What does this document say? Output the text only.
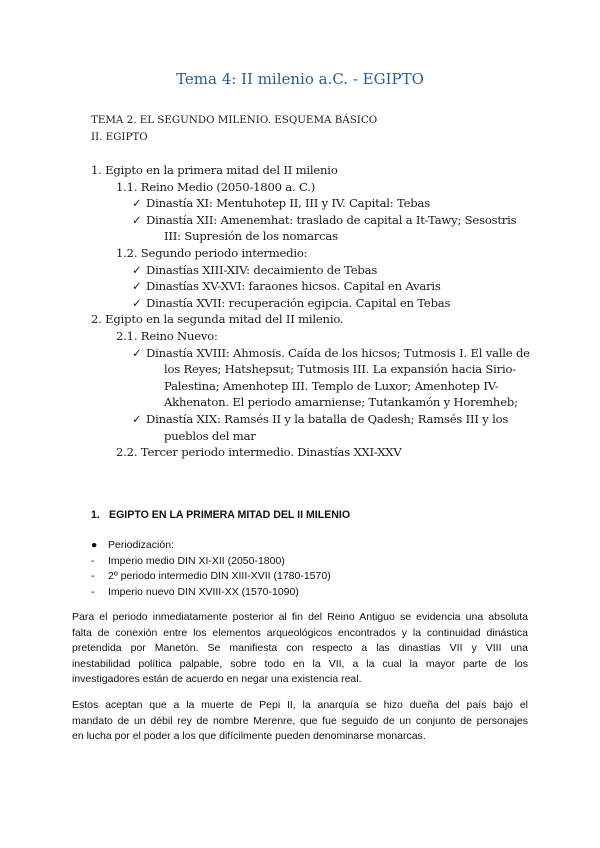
Tema 4: II milenio a.C. - EGIPTO
TEMA 2. EL SEGUNDO MILENIO. ESQUEMA BÁSICO
II. EGIPTO
1. Egipto en la primera mitad del II milenio
1.1. Reino Medio (2050-1800 a. C.)
✓ Dinastía XI: Mentuhotep II, III y IV. Capital: Tebas
✓ Dinastía XII: Amenemhat: traslado de capital a It-Tawy; Sesostris
III: Supresión de los nomarcas
1.2. Segundo periodo intermedio:
✓ Dinastías XIII-XIV: decaimiento de Tebas
✓ Dinastías XV-XVI: faraones hicsos. Capital en Avaris
✓ Dinastía XVII: recuperación egipcia. Capital en Tebas
2. Egipto en la segunda mitad del II milenio.
2.1. Reino Nuevo:
✓ Dinastía XVIII: Ahmosis. Caída de los hicsos; Tutmosis I. El valle de
los Reyes; Hatshepsut; Tutmosis III. La expansión hacia Sirio-
Palestina; Amenhotep III. Templo de Luxor; Amenhotep IV-
Akhenaton. El periodo amarniense; Tutankamón y Horemheb;
✓ Dinastía XIX: Ramsés II y la batalla de Qadesh; Ramsés III y los
pueblos del mar
2.2. Tercer periodo intermedio. Dinastías XXI-XXV
1. EGIPTO EN LA PRIMERA MITAD DEL II MILENIO
●	Periodización:
-	Imperio medio DIN XI-XII (2050-1800)
-	2º periodo intermedio DIN XIII-XVII (1780-1570)
-	Imperio nuevo DIN XVIII-XX (1570-1090)
Para el periodo inmediatamente posterior al fin del Reino Antiguo se evidencia una absoluta
falta de conexión entre los elementos arqueológicos encontrados y la continuidad dinástica
pretendida por Manetón. Se manifiesta con respecto a las dinastías VII y VIII una
inestabilidad política palpable, sobre todo en la VII, a la cual la mayor parte de los
investigadores están de acuerdo en negar una existencia real.
Estos aceptan que a la muerte de Pepi II, la anarquía se hizo dueña del país bajo el
mandato de un débil rey de nombre Merenre, que fue seguido de un conjunto de personajes
en lucha por el poder a los que difícilmente pueden denominarse monarcas.
